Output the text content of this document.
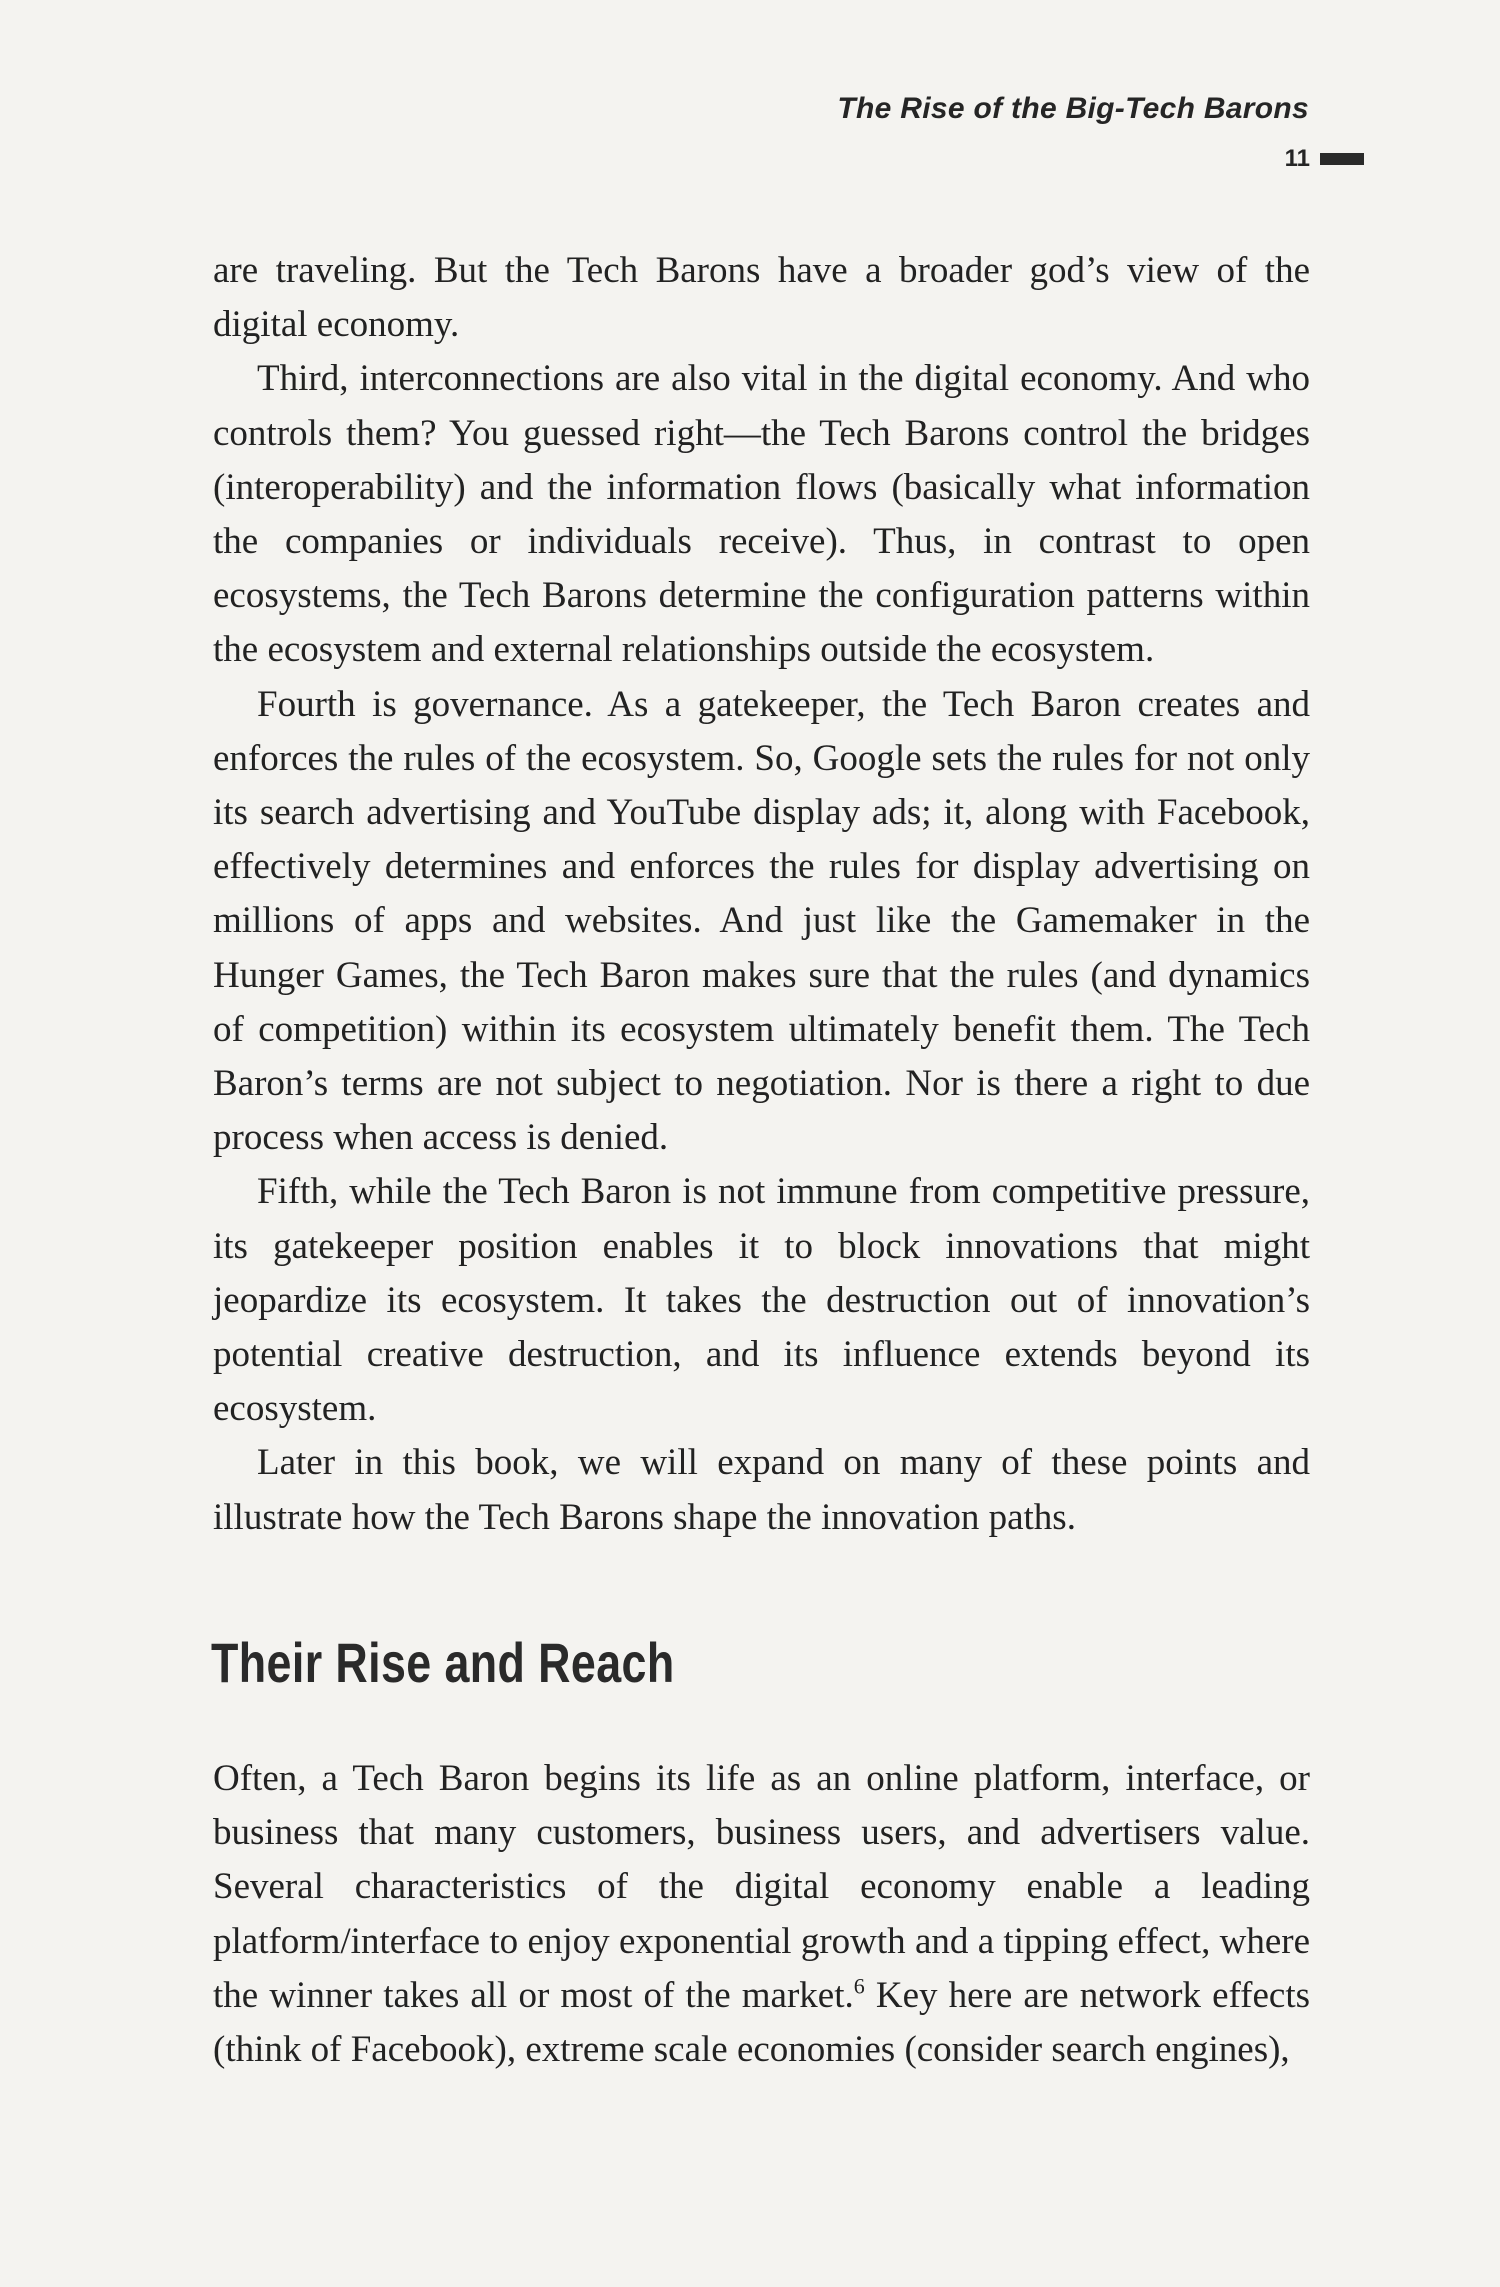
The Rise of the Big-Tech Barons
11

are traveling. But the Tech Barons have a broader god’s view of the digital economy.

Third, interconnections are also vital in the digital economy. And who controls them? You guessed right—the Tech Barons control the bridges (interoperability) and the information flows (basically what information the companies or individuals receive). Thus, in contrast to open ecosystems, the Tech Barons determine the configuration patterns within the ecosystem and external relationships outside the ecosystem.

Fourth is governance. As a gatekeeper, the Tech Baron creates and enforces the rules of the ecosystem. So, Google sets the rules for not only its search advertising and YouTube display ads; it, along with Facebook, effectively determines and enforces the rules for display advertising on millions of apps and websites. And just like the Gamemaker in the Hunger Games, the Tech Baron makes sure that the rules (and dynamics of competition) within its ecosystem ultimately benefit them. The Tech Baron’s terms are not subject to negotiation. Nor is there a right to due process when access is denied.

Fifth, while the Tech Baron is not immune from competitive pressure, its gatekeeper position enables it to block innovations that might jeopardize its ecosystem. It takes the destruction out of innovation’s potential creative destruction, and its influence extends beyond its ecosystem.

Later in this book, we will expand on many of these points and illustrate how the Tech Barons shape the innovation paths.

Their Rise and Reach

Often, a Tech Baron begins its life as an online platform, interface, or business that many customers, business users, and advertisers value. Several characteristics of the digital economy enable a leading platform/interface to enjoy exponential growth and a tipping effect, where the winner takes all or most of the market.$^6$ Key here are network effects (think of Facebook), extreme scale economies (consider search engines),
